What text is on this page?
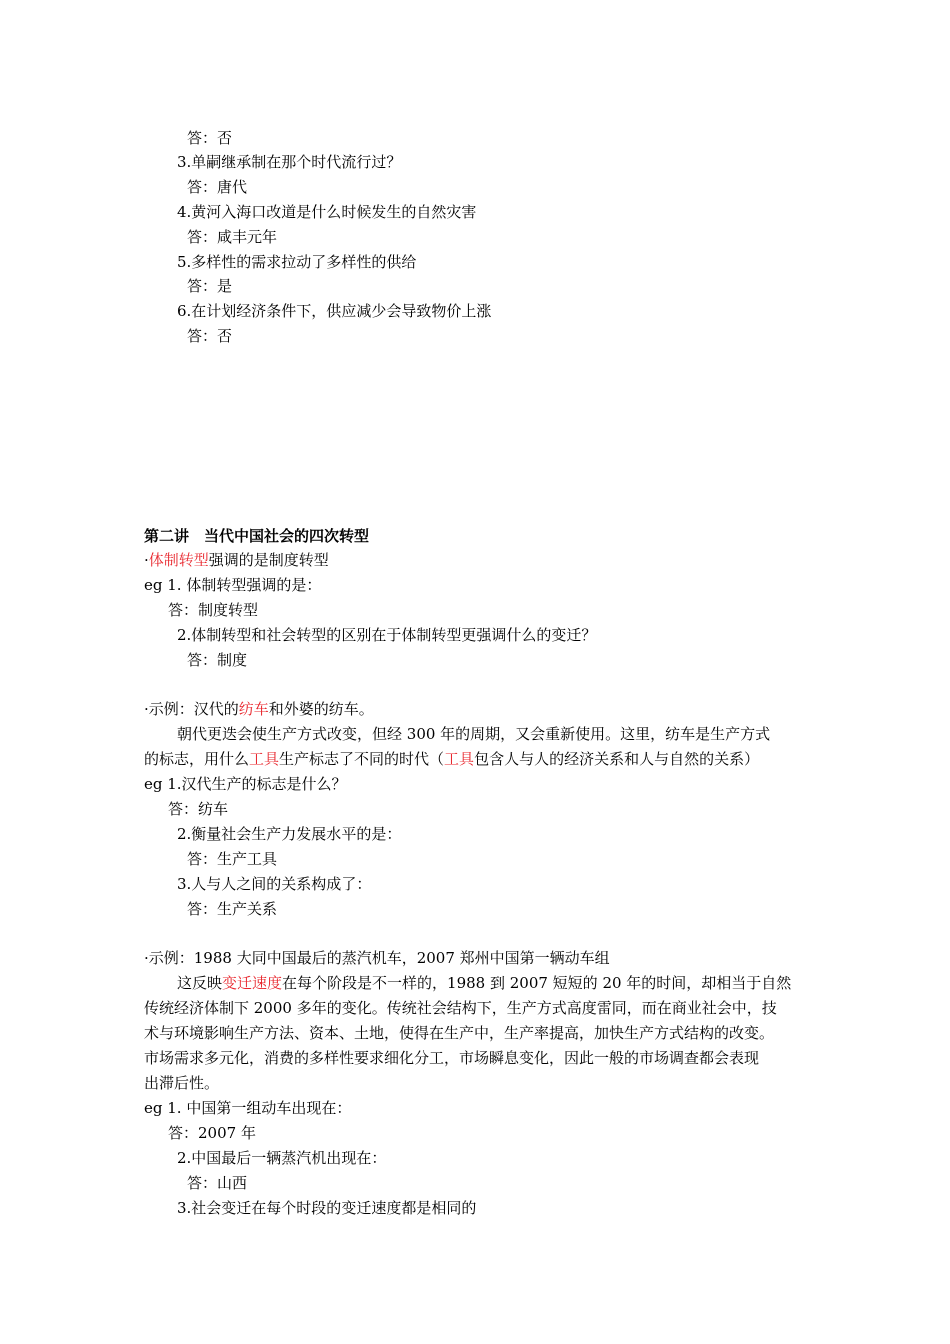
答：否
3.单嗣继承制在那个时代流行过？
答：唐代
4.黄河入海口改道是什么时候发生的自然灾害
答：咸丰元年
5.多样性的需求拉动了多样性的供给
答：是
6.在计划经济条件下，供应减少会导致物价上涨
答：否
第二讲　当代中国社会的四次转型
·体制转型强调的是制度转型
eg 1. 体制转型强调的是：
答：制度转型
2.体制转型和社会转型的区别在于体制转型更强调什么的变迁？
答：制度
·示例：汉代的纺车和外婆的纺车。
朝代更迭会使生产方式改变，但经 300 年的周期，又会重新使用。这里，纺车是生产方式
的标志，用什么工具生产标志了不同的时代（工具包含人与人的经济关系和人与自然的关系）
eg 1.汉代生产的标志是什么？
答：纺车
2.衡量社会生产力发展水平的是：
答：生产工具
3.人与人之间的关系构成了：
答：生产关系
·示例：1988 大同中国最后的蒸汽机车，2007 郑州中国第一辆动车组
这反映变迁速度在每个阶段是不一样的，1988 到 2007 短短的 20 年的时间，却相当于自然
传统经济体制下 2000 多年的变化。传统社会结构下，生产方式高度雷同，而在商业社会中，技
术与环境影响生产方法、资本、土地，使得在生产中，生产率提高，加快生产方式结构的改变。
市场需求多元化，消费的多样性要求细化分工，市场瞬息变化，因此一般的市场调查都会表现
出滞后性。
eg 1. 中国第一组动车出现在：
答：2007 年
2.中国最后一辆蒸汽机出现在：
答：山西
3.社会变迁在每个时段的变迁速度都是相同的
